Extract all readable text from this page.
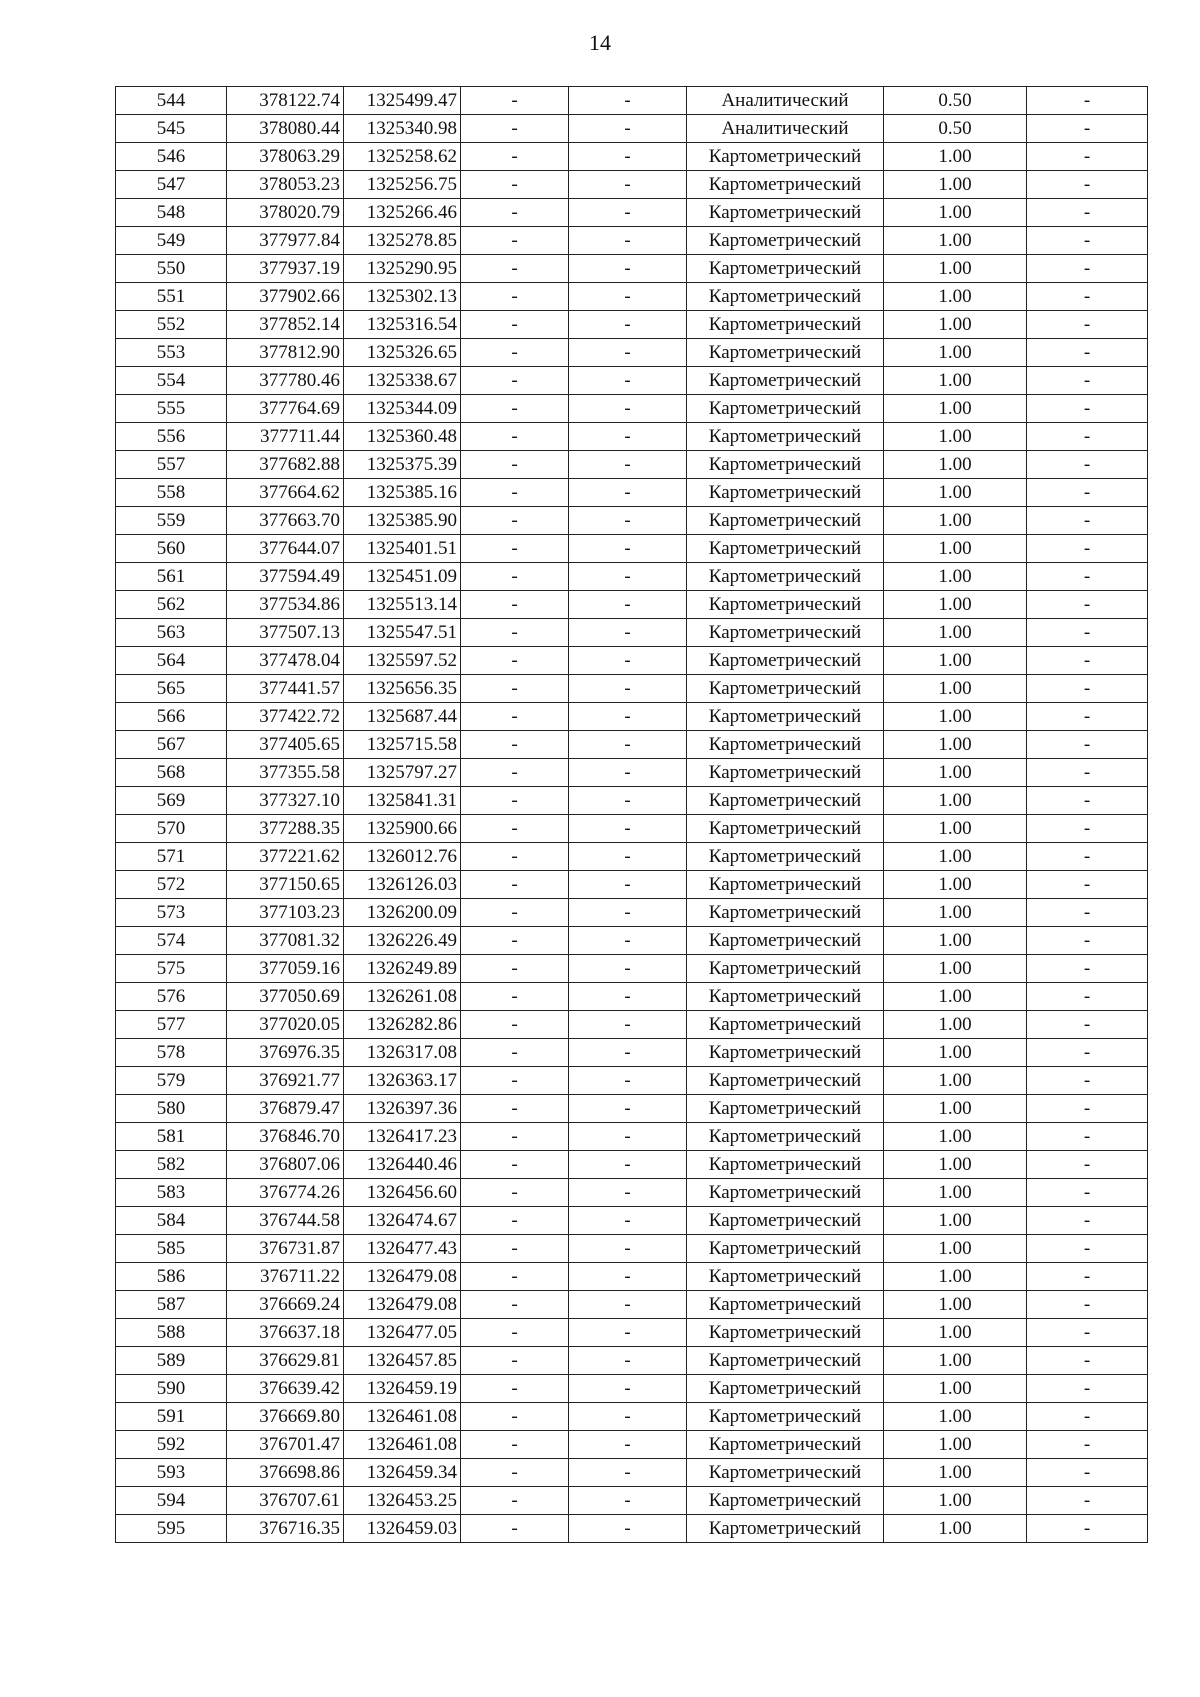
14
544	378122.74	1325499.47	-	-	Аналитический	0.50	-
545	378080.44	1325340.98	-	-	Аналитический	0.50	-
546	378063.29	1325258.62	-	-	Картометрический	1.00	-
547	378053.23	1325256.75	-	-	Картометрический	1.00	-
548	378020.79	1325266.46	-	-	Картометрический	1.00	-
549	377977.84	1325278.85	-	-	Картометрический	1.00	-
550	377937.19	1325290.95	-	-	Картометрический	1.00	-
551	377902.66	1325302.13	-	-	Картометрический	1.00	-
552	377852.14	1325316.54	-	-	Картометрический	1.00	-
553	377812.90	1325326.65	-	-	Картометрический	1.00	-
554	377780.46	1325338.67	-	-	Картометрический	1.00	-
555	377764.69	1325344.09	-	-	Картометрический	1.00	-
556	377711.44	1325360.48	-	-	Картометрический	1.00	-
557	377682.88	1325375.39	-	-	Картометрический	1.00	-
558	377664.62	1325385.16	-	-	Картометрический	1.00	-
559	377663.70	1325385.90	-	-	Картометрический	1.00	-
560	377644.07	1325401.51	-	-	Картометрический	1.00	-
561	377594.49	1325451.09	-	-	Картометрический	1.00	-
562	377534.86	1325513.14	-	-	Картометрический	1.00	-
563	377507.13	1325547.51	-	-	Картометрический	1.00	-
564	377478.04	1325597.52	-	-	Картометрический	1.00	-
565	377441.57	1325656.35	-	-	Картометрический	1.00	-
566	377422.72	1325687.44	-	-	Картометрический	1.00	-
567	377405.65	1325715.58	-	-	Картометрический	1.00	-
568	377355.58	1325797.27	-	-	Картометрический	1.00	-
569	377327.10	1325841.31	-	-	Картометрический	1.00	-
570	377288.35	1325900.66	-	-	Картометрический	1.00	-
571	377221.62	1326012.76	-	-	Картометрический	1.00	-
572	377150.65	1326126.03	-	-	Картометрический	1.00	-
573	377103.23	1326200.09	-	-	Картометрический	1.00	-
574	377081.32	1326226.49	-	-	Картометрический	1.00	-
575	377059.16	1326249.89	-	-	Картометрический	1.00	-
576	377050.69	1326261.08	-	-	Картометрический	1.00	-
577	377020.05	1326282.86	-	-	Картометрический	1.00	-
578	376976.35	1326317.08	-	-	Картометрический	1.00	-
579	376921.77	1326363.17	-	-	Картометрический	1.00	-
580	376879.47	1326397.36	-	-	Картометрический	1.00	-
581	376846.70	1326417.23	-	-	Картометрический	1.00	-
582	376807.06	1326440.46	-	-	Картометрический	1.00	-
583	376774.26	1326456.60	-	-	Картометрический	1.00	-
584	376744.58	1326474.67	-	-	Картометрический	1.00	-
585	376731.87	1326477.43	-	-	Картометрический	1.00	-
586	376711.22	1326479.08	-	-	Картометрический	1.00	-
587	376669.24	1326479.08	-	-	Картометрический	1.00	-
588	376637.18	1326477.05	-	-	Картометрический	1.00	-
589	376629.81	1326457.85	-	-	Картометрический	1.00	-
590	376639.42	1326459.19	-	-	Картометрический	1.00	-
591	376669.80	1326461.08	-	-	Картометрический	1.00	-
592	376701.47	1326461.08	-	-	Картометрический	1.00	-
593	376698.86	1326459.34	-	-	Картометрический	1.00	-
594	376707.61	1326453.25	-	-	Картометрический	1.00	-
595	376716.35	1326459.03	-	-	Картометрический	1.00	-
